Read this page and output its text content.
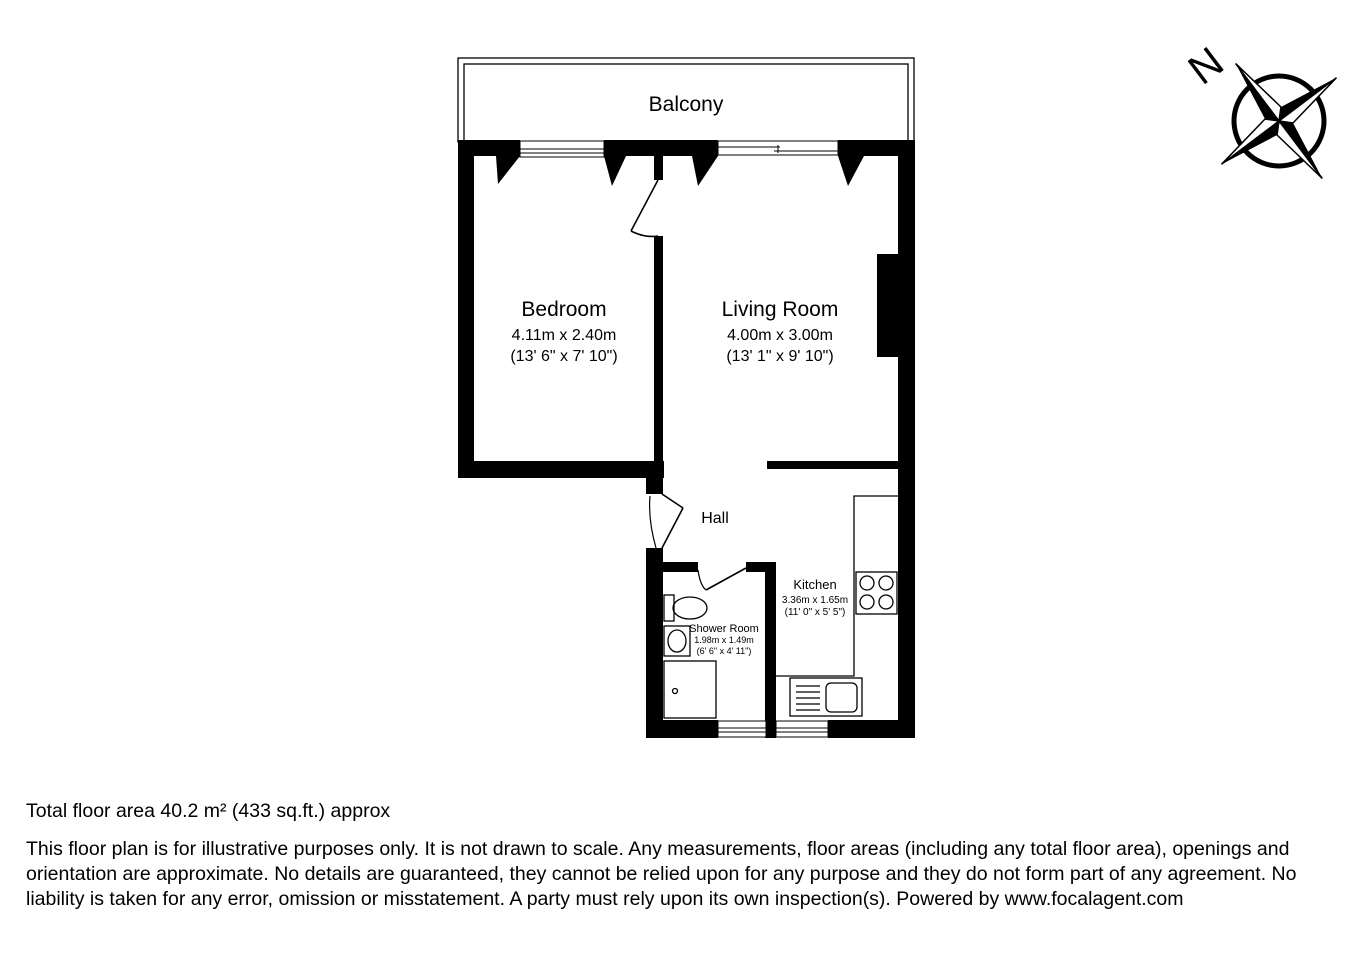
Balcony
Bedroom
4.11m x 2.40m
(13' 6" x 7' 10")
Living Room
4.00m x 3.00m
(13' 1" x 9' 10")
Hall
Kitchen
3.36m x 1.65m
(11' 0" x 5' 5")
Shower Room
1.98m x 1.49m
(6' 6" x 4' 11")
N
Total floor area 40.2 m² (433 sq.ft.) approx

This floor plan is for illustrative purposes only. It is not drawn to scale. Any measurements, floor areas (including any total floor area), openings and orientation are approximate. No details are guaranteed, they cannot be relied upon for any purpose and they do not form part of any agreement. No liability is taken for any error, omission or misstatement. A party must rely upon its own inspection(s). Powered by www.focalagent.com
